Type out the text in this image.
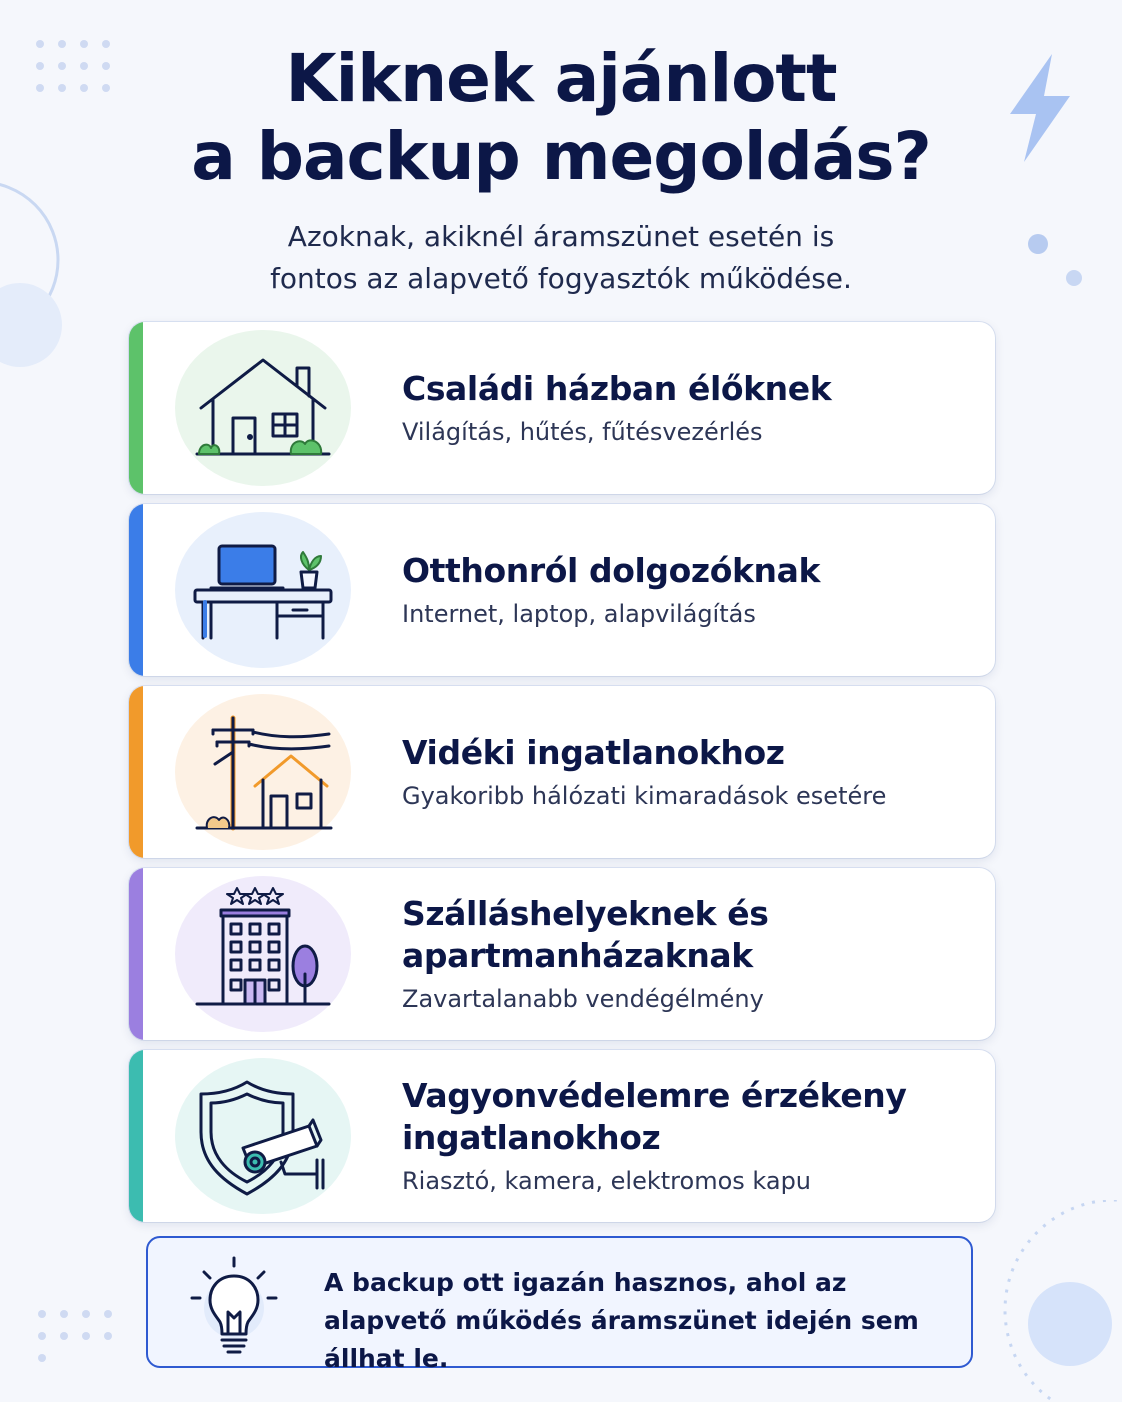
Kiknek ajánlott
a backup megoldás?
Azoknak, akiknél áramszünet esetén is
fontos az alapvető fogyasztók működése.
Családi házban élőknek

Világítás, hűtés, fűtésvezérlés

Otthonról dolgozóknak

Internet, laptop, alapvilágítás

Vidéki ingatlanokhoz

Gyakoribb hálózati kimaradások esetére

Szálláshelyeknek és
apartmanházaknak

Zavartalanabb vendégélmény

Vagyonvédelemre érzékeny
ingatlanokhoz

Riasztó, kamera, elektromos kapu

A backup ott igazán hasznos, ahol az
alapvető működés áramszünet idején sem állhat le.
